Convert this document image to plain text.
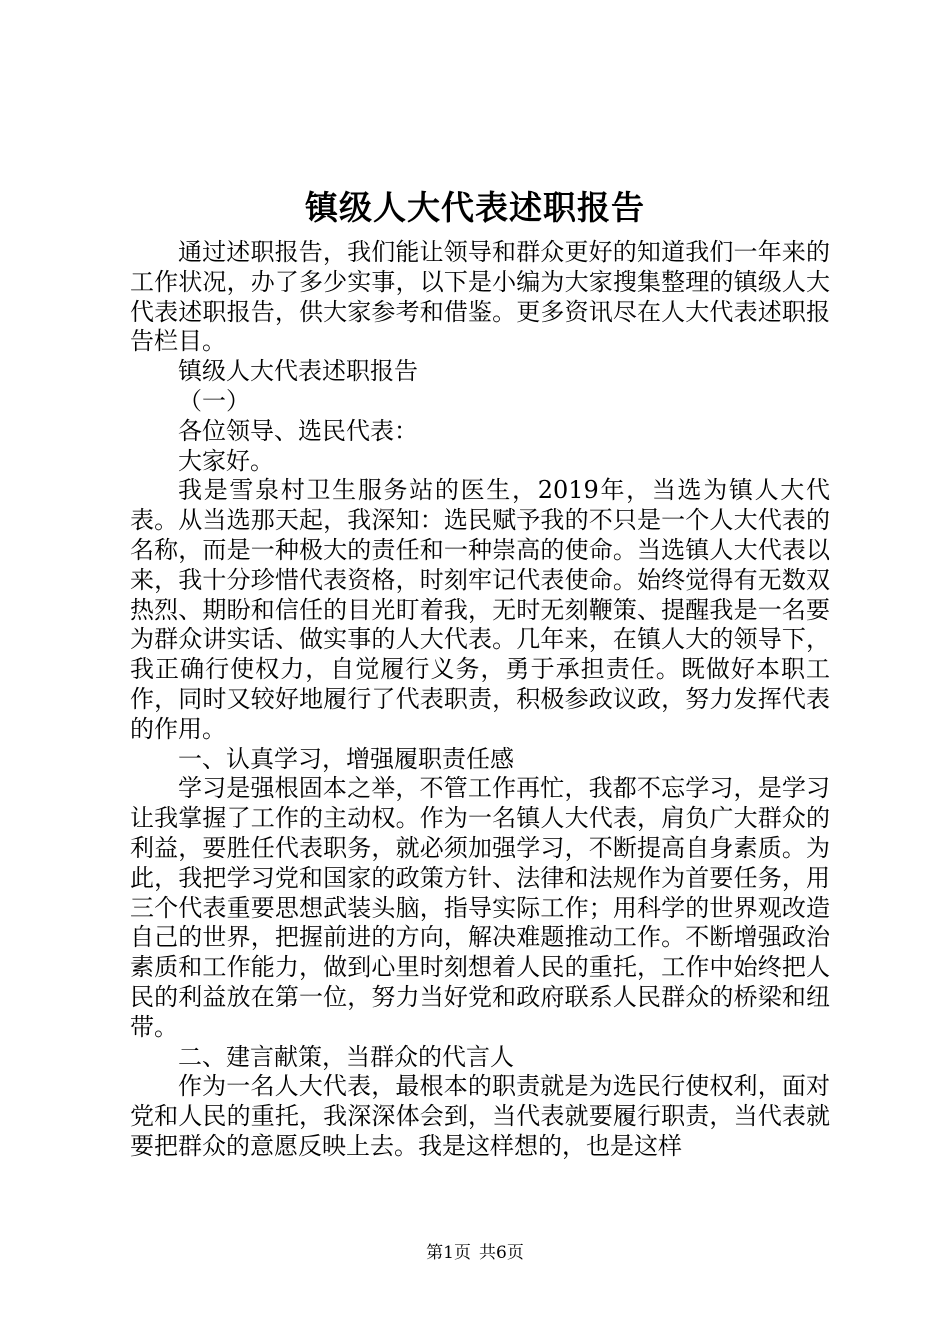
镇级人大代表述职报告

通过述职报告，我们能让领导和群众更好的知道我们一年来的工作状况，办了多少实事，以下是小编为大家搜集整理的镇级人大代表述职报告，供大家参考和借鉴。更多资讯尽在人大代表述职报告栏目。

镇级人大代表述职报告

（一）

各位领导、选民代表：

大家好。

我是雪泉村卫生服务站的医生，2019年，当选为镇人大代表。从当选那天起，我深知：选民赋予我的不只是一个人大代表的名称，而是一种极大的责任和一种崇高的使命。当选镇人大代表以来，我十分珍惜代表资格，时刻牢记代表使命。始终觉得有无数双热烈、期盼和信任的目光盯着我，无时无刻鞭策、提醒我是一名要为群众讲实话、做实事的人大代表。几年来，在镇人大的领导下，我正确行使权力，自觉履行义务，勇于承担责任。既做好本职工作，同时又较好地履行了代表职责，积极参政议政，努力发挥代表的作用。

一、认真学习，增强履职责任感

学习是强根固本之举，不管工作再忙，我都不忘学习，是学习让我掌握了工作的主动权。作为一名镇人大代表，肩负广大群众的利益，要胜任代表职务，就必须加强学习，不断提高自身素质。为此，我把学习党和国家的政策方针、法律和法规作为首要任务，用三个代表重要思想武装头脑，指导实际工作；用科学的世界观改造自己的世界，把握前进的方向，解决难题推动工作。不断增强政治素质和工作能力，做到心里时刻想着人民的重托，工作中始终把人民的利益放在第一位，努力当好党和政府联系人民群众的桥梁和纽带。

二、建言献策，当群众的代言人

作为一名人大代表，最根本的职责就是为选民行使权利，面对党和人民的重托，我深深体会到，当代表就要履行职责，当代表就要把群众的意愿反映上去。我是这样想的，也是这样

第1页 共6页
